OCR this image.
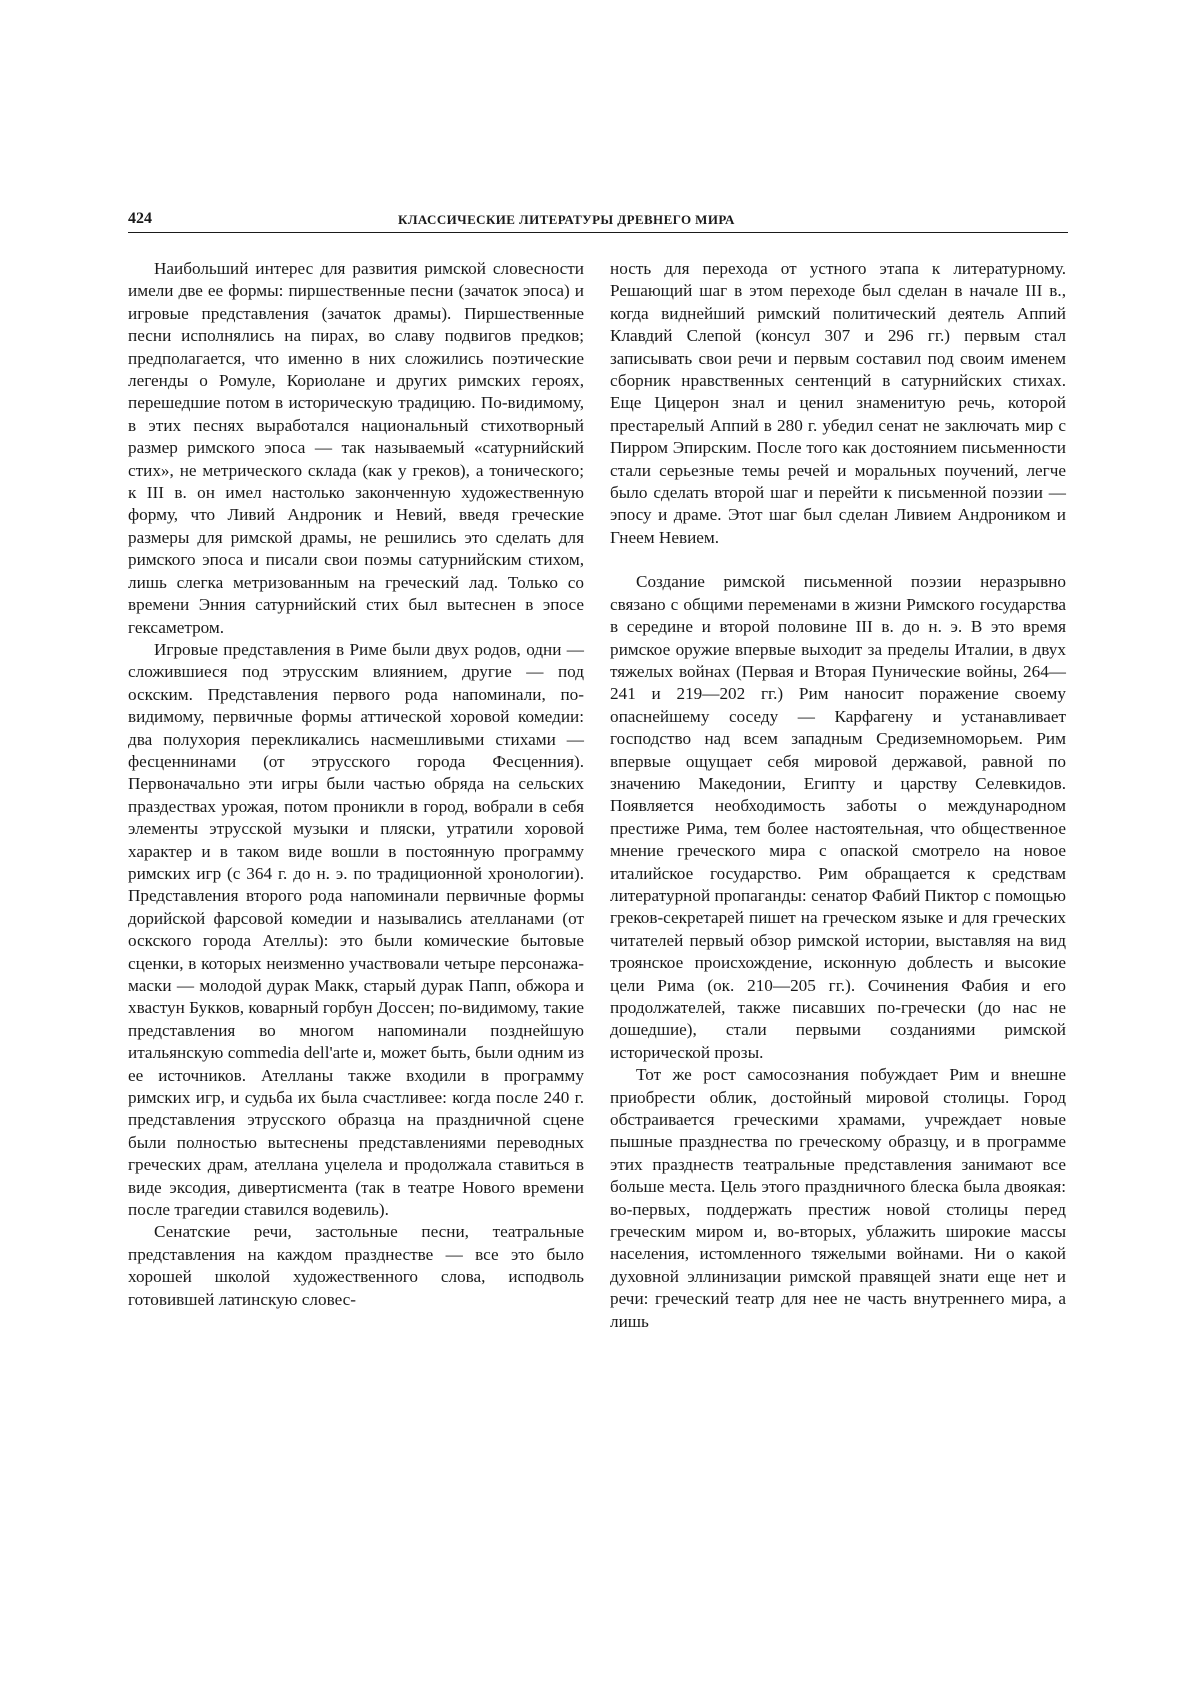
424	КЛАССИЧЕСКИЕ ЛИТЕРАТУРЫ ДРЕВНЕГО МИРА

Наибольший интерес для развития римской словесности имели две ее формы: пиршественные песни (зачаток эпоса) и игровые представления (зачаток драмы). Пиршественные песни исполнялись на пирах, во славу подвигов предков; предполагается, что именно в них сложились поэтические легенды о Ромуле, Кориолане и других римских героях, перешедшие потом в историческую традицию. По-видимому, в этих песнях выработался национальный стихотворный размер римского эпоса — так называемый «сатурнийский стих», не метрического склада (как у греков), а тонического; к III в. он имел настолько законченную художественную форму, что Ливий Андроник и Невий, введя греческие размеры для римской драмы, не решились это сделать для римского эпоса и писали свои поэмы сатурнийским стихом, лишь слегка метризованным на греческий лад. Только со времени Энния сатурнийский стих был вытеснен в эпосе гексаметром.

Игровые представления в Риме были двух родов, одни — сложившиеся под этрусским влиянием, другие — под оскским. Представления первого рода напоминали, по-видимому, первичные формы аттической хоровой комедии: два полухория перекликались насмешливыми стихами — фесценнинами (от этрусского города Фесценния). Первоначально эти игры были частью обряда на сельских праздествах урожая, потом проникли в город, вобрали в себя элементы этрусской музыки и пляски, утратили хоровой характер и в таком виде вошли в постоянную программу римских игр (с 364 г. до н. э. по традиционной хронологии). Представления второго рода напоминали первичные формы дорийской фарсовой комедии и назывались ателланами (от оскского города Ателлы): это были комические бытовые сценки, в которых неизменно участвовали четыре персонажа-маски — молодой дурак Макк, старый дурак Папп, обжора и хвастун Букков, коварный горбун Доссен; по-видимому, такие представления во многом напоминали позднейшую итальянскую commedia dell'arte и, может быть, были одним из ее источников. Ателланы также входили в программу римских игр, и судьба их была счастливее: когда после 240 г. представления этрусского образца на праздничной сцене были полностью вытеснены представлениями переводных греческих драм, ателлана уцелела и продолжала ставиться в виде эксодия, дивертисмента (так в театре Нового времени после трагедии ставился водевиль).

Сенатские речи, застольные песни, театральные представления на каждом празднестве — все это было хорошей школой художественного слова, исподволь готовившей латинскую словес-

ность для перехода от устного этапа к литературному. Решающий шаг в этом переходе был сделан в начале III в., когда виднейший римский политический деятель Аппий Клавдий Слепой (консул 307 и 296 гг.) первым стал записывать свои речи и первым составил под своим именем сборник нравственных сентенций в сатурнийских стихах. Еще Цицерон знал и ценил знаменитую речь, которой престарелый Аппий в 280 г. убедил сенат не заключать мир с Пирром Эпирским. После того как достоянием письменности стали серьезные темы речей и моральных поучений, легче было сделать второй шаг и перейти к письменной поэзии — эпосу и драме. Этот шаг был сделан Ливием Андроником и Гнеем Невием.

Создание римской письменной поэзии неразрывно связано с общими переменами в жизни Римского государства в середине и второй половине III в. до н. э. В это время римское оружие впервые выходит за пределы Италии, в двух тяжелых войнах (Первая и Вторая Пунические войны, 264—241 и 219—202 гг.) Рим наносит поражение своему опаснейшему соседу — Карфагену и устанавливает господство над всем западным Средиземноморьем. Рим впервые ощущает себя мировой державой, равной по значению Македонии, Египту и царству Селевкидов. Появляется необходимость заботы о международном престиже Рима, тем более настоятельная, что общественное мнение греческого мира с опаской смотрело на новое италийское государство. Рим обращается к средствам литературной пропаганды: сенатор Фабий Пиктор с помощью греков-секретарей пишет на греческом языке и для греческих читателей первый обзор римской истории, выставляя на вид троянское происхождение, исконную доблесть и высокие цели Рима (ок. 210—205 гг.). Сочинения Фабия и его продолжателей, также писавших по-гречески (до нас не дошедшие), стали первыми созданиями римской исторической прозы.

Тот же рост самосознания побуждает Рим и внешне приобрести облик, достойный мировой столицы. Город обстраивается греческими храмами, учреждает новые пышные празднества по греческому образцу, и в программе этих празднеств театральные представления занимают все больше места. Цель этого праздничного блеска была двоякая: во-первых, поддержать престиж новой столицы перед греческим миром и, во-вторых, ублажить широкие массы населения, истомленного тяжелыми войнами. Ни о какой духовной эллинизации римской правящей знати еще нет и речи: греческий театр для нее не часть внутреннего мира, а лишь
